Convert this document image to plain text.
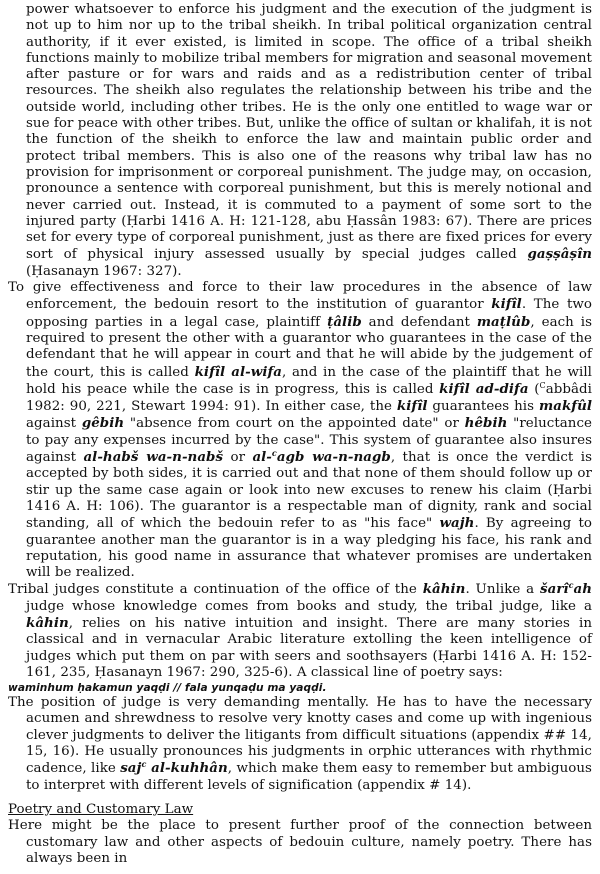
power whatsoever to enforce his judgment and the execution of the judgment is not up to him nor up to the tribal sheikh. In tribal political organization central authority, if it ever existed, is limited in scope. The office of a tribal sheikh functions mainly to mobilize tribal members for migration and seasonal movement after pasture or for wars and raids and as a redistribution center of tribal resources. The sheikh also regulates the relationship between his tribe and the outside world, including other tribes. He is the only one entitled to wage war or sue for peace with other tribes. But, unlike the office of sultan or khalifah, it is not the function of the sheikh to enforce the law and maintain public order and protect tribal members. This is also one of the reasons why tribal law has no provision for imprisonment or corporeal punishment. The judge may, on occasion, pronounce a sentence with corporeal punishment, but this is merely notional and never carried out. Instead, it is commuted to a payment of some sort to the injured party (Ḥarbi 1416 A. H: 121-128, abu Ḥassân 1983: 67). There are prices set for every type of corporeal punishment, just as there are fixed prices for every sort of physical injury assessed usually by special judges called gaṣṣâṣîn (Ḥasanayn 1967: 327).

To give effectiveness and force to their law procedures in the absence of law enforcement, the bedouin resort to the institution of guarantor kifîl. The two opposing parties in a legal case, plaintiff ṭâlib and defendant maṭlûb, each is required to present the other with a guarantor who guarantees in the case of the defendant that he will appear in court and that he will abide by the judgement of the court, this is called kifîl al-wifa, and in the case of the plaintiff that he will hold his peace while the case is in progress, this is called kifîl ad-difa ($^C$abbâdi 1982: 90, 221, Stewart 1994: 91). In either case, the kifîl guarantees his makfûl against gêbih "absence from court on the appointed date" or hêbih "reluctance to pay any expenses incurred by the case". This system of guarantee also insures against al-habš wa-n-nabš or al-$^c$agb wa-n-nagb, that is once the verdict is accepted by both sides, it is carried out and that none of them should follow up or stir up the same case again or look into new excuses to renew his claim (Ḥarbi 1416 A. H: 106). The guarantor is a respectable man of dignity, rank and social standing, all of which the bedouin refer to as "his face" wajh. By agreeing to guarantee another man the guarantor is in a way pledging his face, his rank and reputation, his good name in assurance that whatever promises are undertaken will be realized.

Tribal judges constitute a continuation of the office of the kâhin. Unlike a šarî$^c$ah judge whose knowledge comes from books and study, the tribal judge, like a kâhin, relies on his native intuition and insight. There are many stories in classical and in vernacular Arabic literature extolling the keen intelligence of judges which put them on par with seers and soothsayers (Ḥarbi 1416 A. H: 152-161, 235, Ḥasanayn 1967: 290, 325-6). A classical line of poetry says:

waminhum ḥakamun yaqḍi // fala yunqaḍu ma yaqḍi.

The position of judge is very demanding mentally. He has to have the necessary acumen and shrewdness to resolve very knotty cases and come up with ingenious clever judgments to deliver the litigants from difficult situations (appendix ## 14, 15, 16). He usually pronounces his judgments in orphic utterances with rhythmic cadence, like saj$^c$ al-kuhhân, which make them easy to remember but ambiguous to interpret with different levels of signification (appendix # 14).

Poetry and Customary Law

Here might be the place to present further proof of the connection between customary law and other aspects of bedouin culture, namely poetry. There has always been in
